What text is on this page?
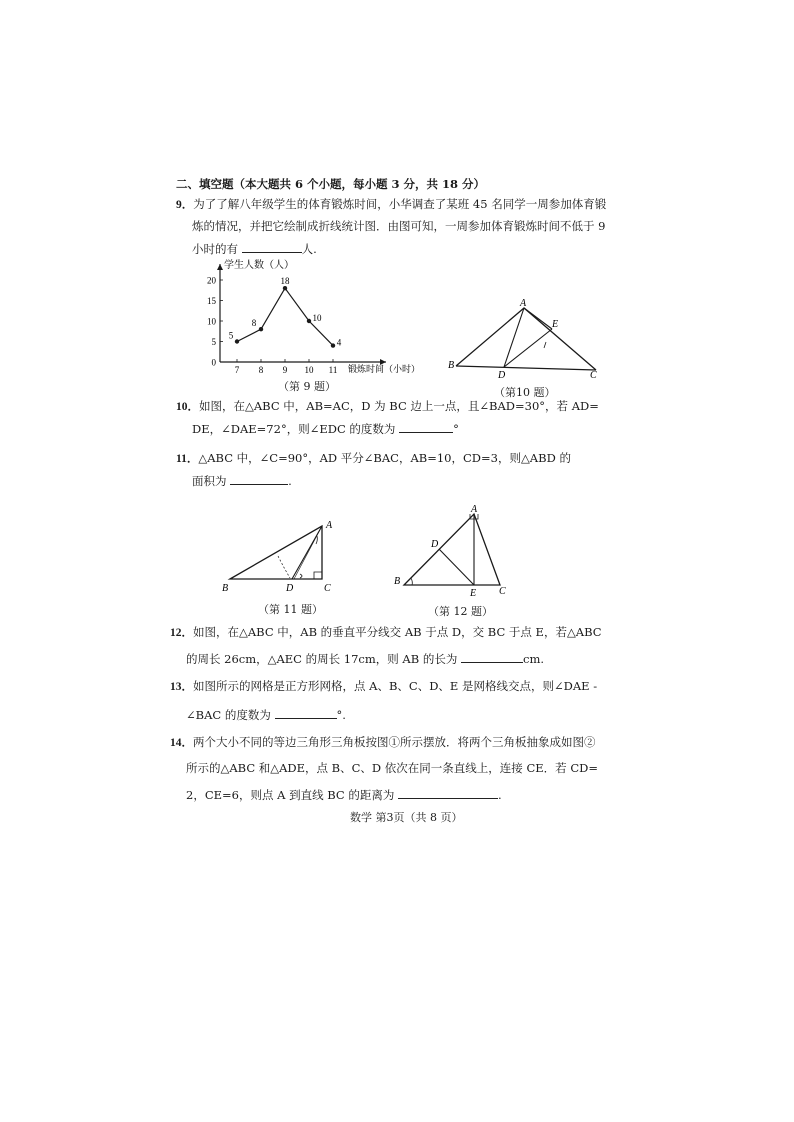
二、填空题（本大题共 6 个小题，每小题 3 分，共 18 分）
9．为了了解八年级学生的体育锻炼时间，小华调查了某班 45 名同学一周参加体育锻
炼的情况，并把它绘制成折线统计图．由图可知，一周参加体育锻炼时间不低于 9
小时的有	人.
0
5
10
15
20
7 8 9 10 11
5
8
18
10
4
学生人数（人）
锻炼时间（小时）
（第 9 题）
A
B
C
D
E
（第10 题）
10．如图，在△ABC 中，AB=AC，D 为 BC 边上一点，且∠BAD=30°，若 AD=
DE，∠DAE=72°，则∠EDC 的度数为	°
11．△ABC 中，∠C=90°，AD 平分∠BAC，AB=10，CD=3，则△ABD 的
面积为	.
A
B	C
D
（第 11 题）
A
B
C
D
E
（第 12 题）
12．如图，在△ABC 中，AB 的垂直平分线交 AB 于点 D，交 BC 于点 E，若△ABC
的周长 26cm，△AEC 的周长 17cm，则 AB 的长为	cm.
13．如图所示的网格是正方形网格，点 A、B、C、D、E 是网格线交点，则∠DAE -
∠BAC 的度数为	°.
14．两个大小不同的等边三角形三角板按图①所示摆放．将两个三角板抽象成如图②
所示的△ABC 和△ADE，点 B、C、D 依次在同一条直线上，连接 CE．若 CD=
2，CE=6，则点 A 到直线 BC 的距离为	.
数学 第3页（共 8 页）
